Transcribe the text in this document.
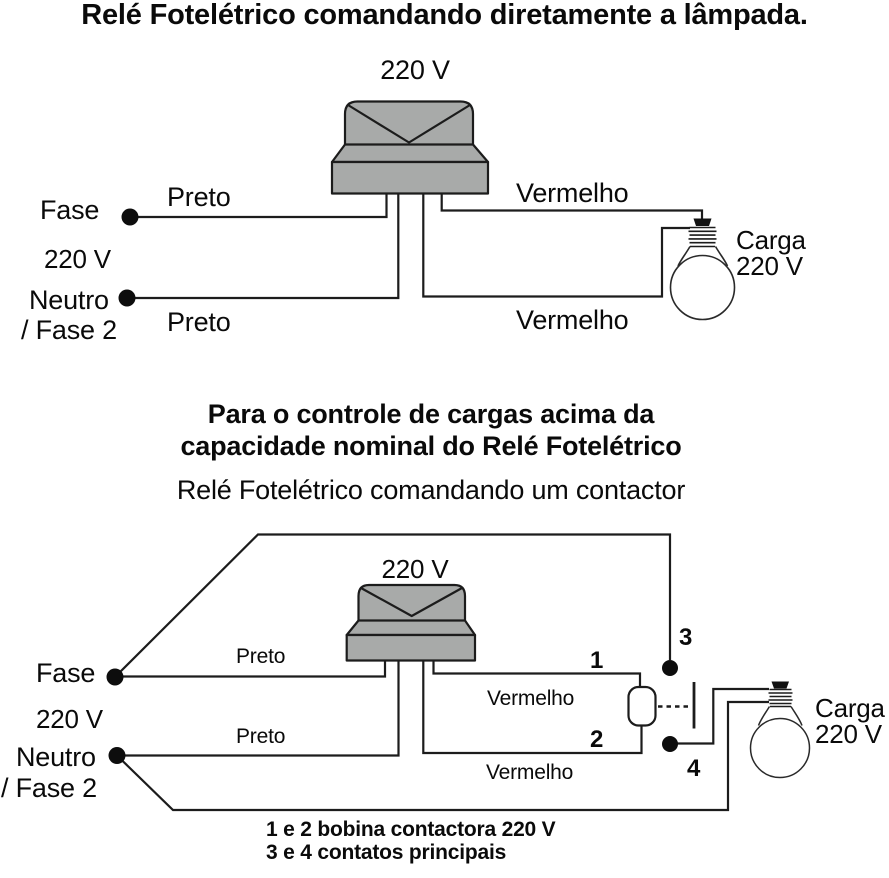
Relé Fotelétrico comandando diretamente a lâmpada.
220 V
Fase
220 V
Neutro
/ Fase 2
Preto
Preto
Vermelho
Vermelho
Carga
220 V
Para o controle de cargas acima da
capacidade nominal do Relé Fotelétrico
Relé Fotelétrico comandando um contactor
220 V
Fase
220 V
Neutro
/ Fase 2
Preto
Preto
Vermelho
Vermelho
1
2
3
4
Carga
220 V
1 e 2 bobina contactora 220 V
3 e 4 contatos principais
